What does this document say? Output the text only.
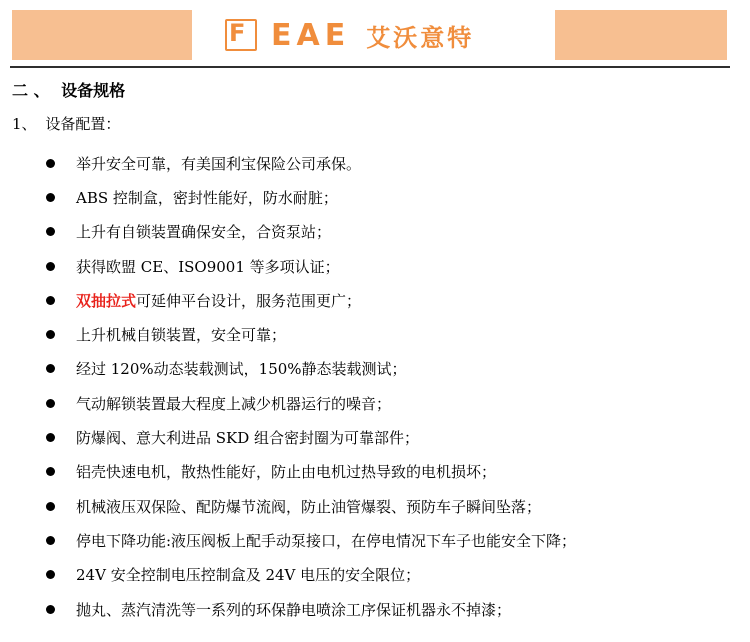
F EAE 艾沃意特
二 、 设备规格
1、 设备配置：
举升安全可靠，有美国利宝保险公司承保。
ABS 控制盒，密封性能好，防水耐脏；
上升有自锁装置确保安全，合资泵站；
获得欧盟 CE、ISO9001 等多项认证；
双抽拉式可延伸平台设计，服务范围更广；
上升机械自锁装置，安全可靠；
经过 120%动态装载测试，150%静态装载测试；
气动解锁装置最大程度上减少机器运行的噪音；
防爆阀、意大利进品 SKD 组合密封圈为可靠部件；
铝壳快速电机，散热性能好，防止由电机过热导致的电机损坏；
机械液压双保险、配防爆节流阀，防止油管爆裂、预防车子瞬间坠落；
停电下降功能:液压阀板上配手动泵接口，在停电情况下车子也能安全下降；
24V 安全控制电压控制盒及 24V 电压的安全限位；
抛丸、蒸汽清洗等一系列的环保静电喷涂工序保证机器永不掉漆；
